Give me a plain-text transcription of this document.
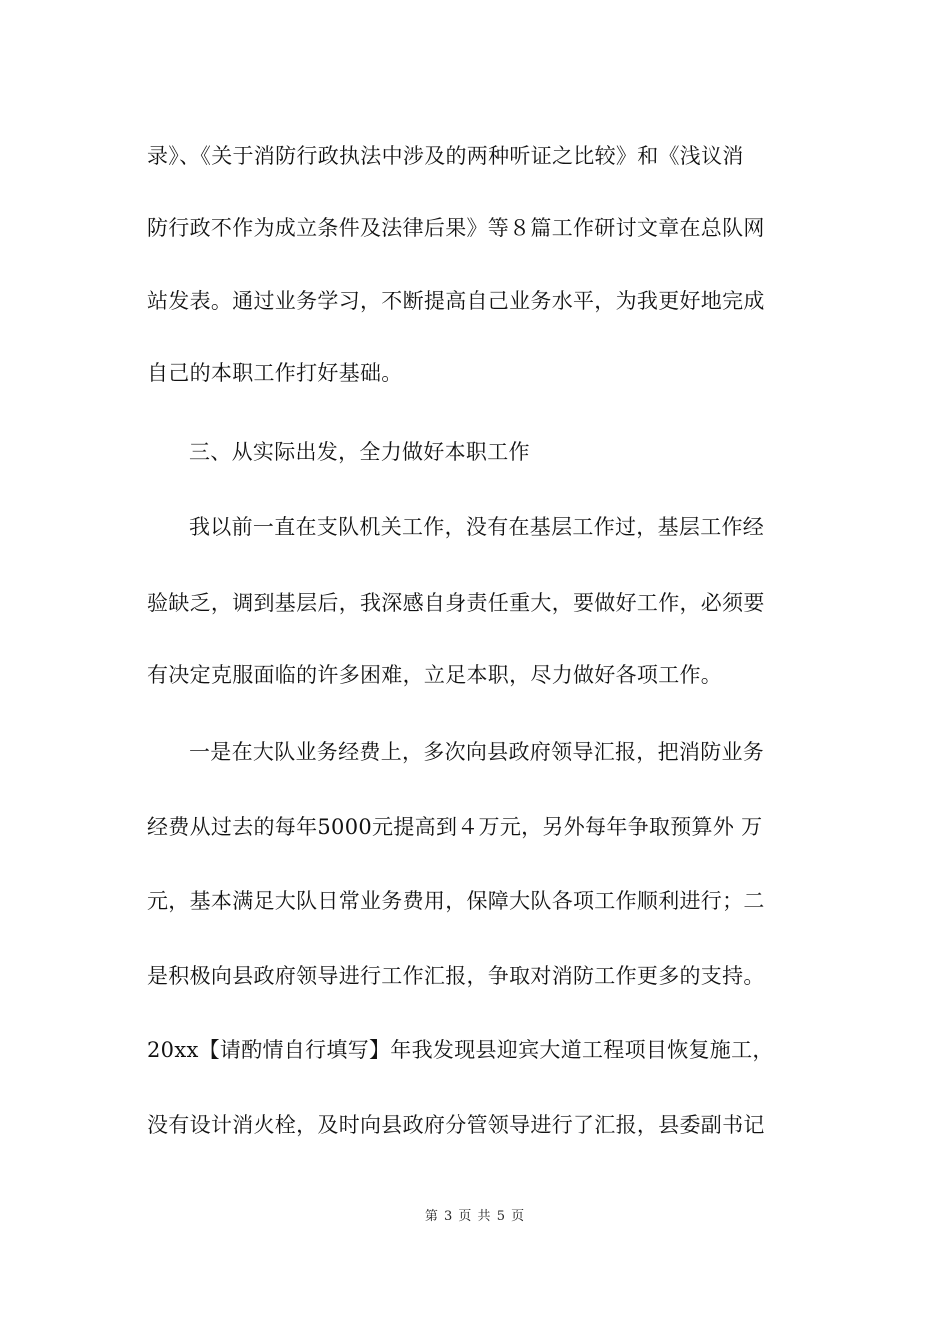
录》、《关于消防行政执法中涉及的两种听证之比较》和《浅议消
防行政不作为成立条件及法律后果》等８篇工作研讨文章在总队网
站发表。通过业务学习，不断提高自己业务水平，为我更好地完成
自己的本职工作打好基础。
三、从实际出发，全力做好本职工作
我以前一直在支队机关工作，没有在基层工作过，基层工作经
验缺乏，调到基层后，我深感自身责任重大，要做好工作，必须要
有决定克服面临的许多困难，立足本职，尽力做好各项工作。
一是在大队业务经费上，多次向县政府领导汇报，把消防业务
经费从过去的每年5000元提高到４万元，另外每年争取预算外 万
元，基本满足大队日常业务费用，保障大队各项工作顺利进行；二
是积极向县政府领导进行工作汇报，争取对消防工作更多的支持。
20xx【请酌情自行填写】年我发现县迎宾大道工程项目恢复施工，
没有设计消火栓，及时向县政府分管领导进行了汇报，县委副书记
第 3 页 共 5 页
